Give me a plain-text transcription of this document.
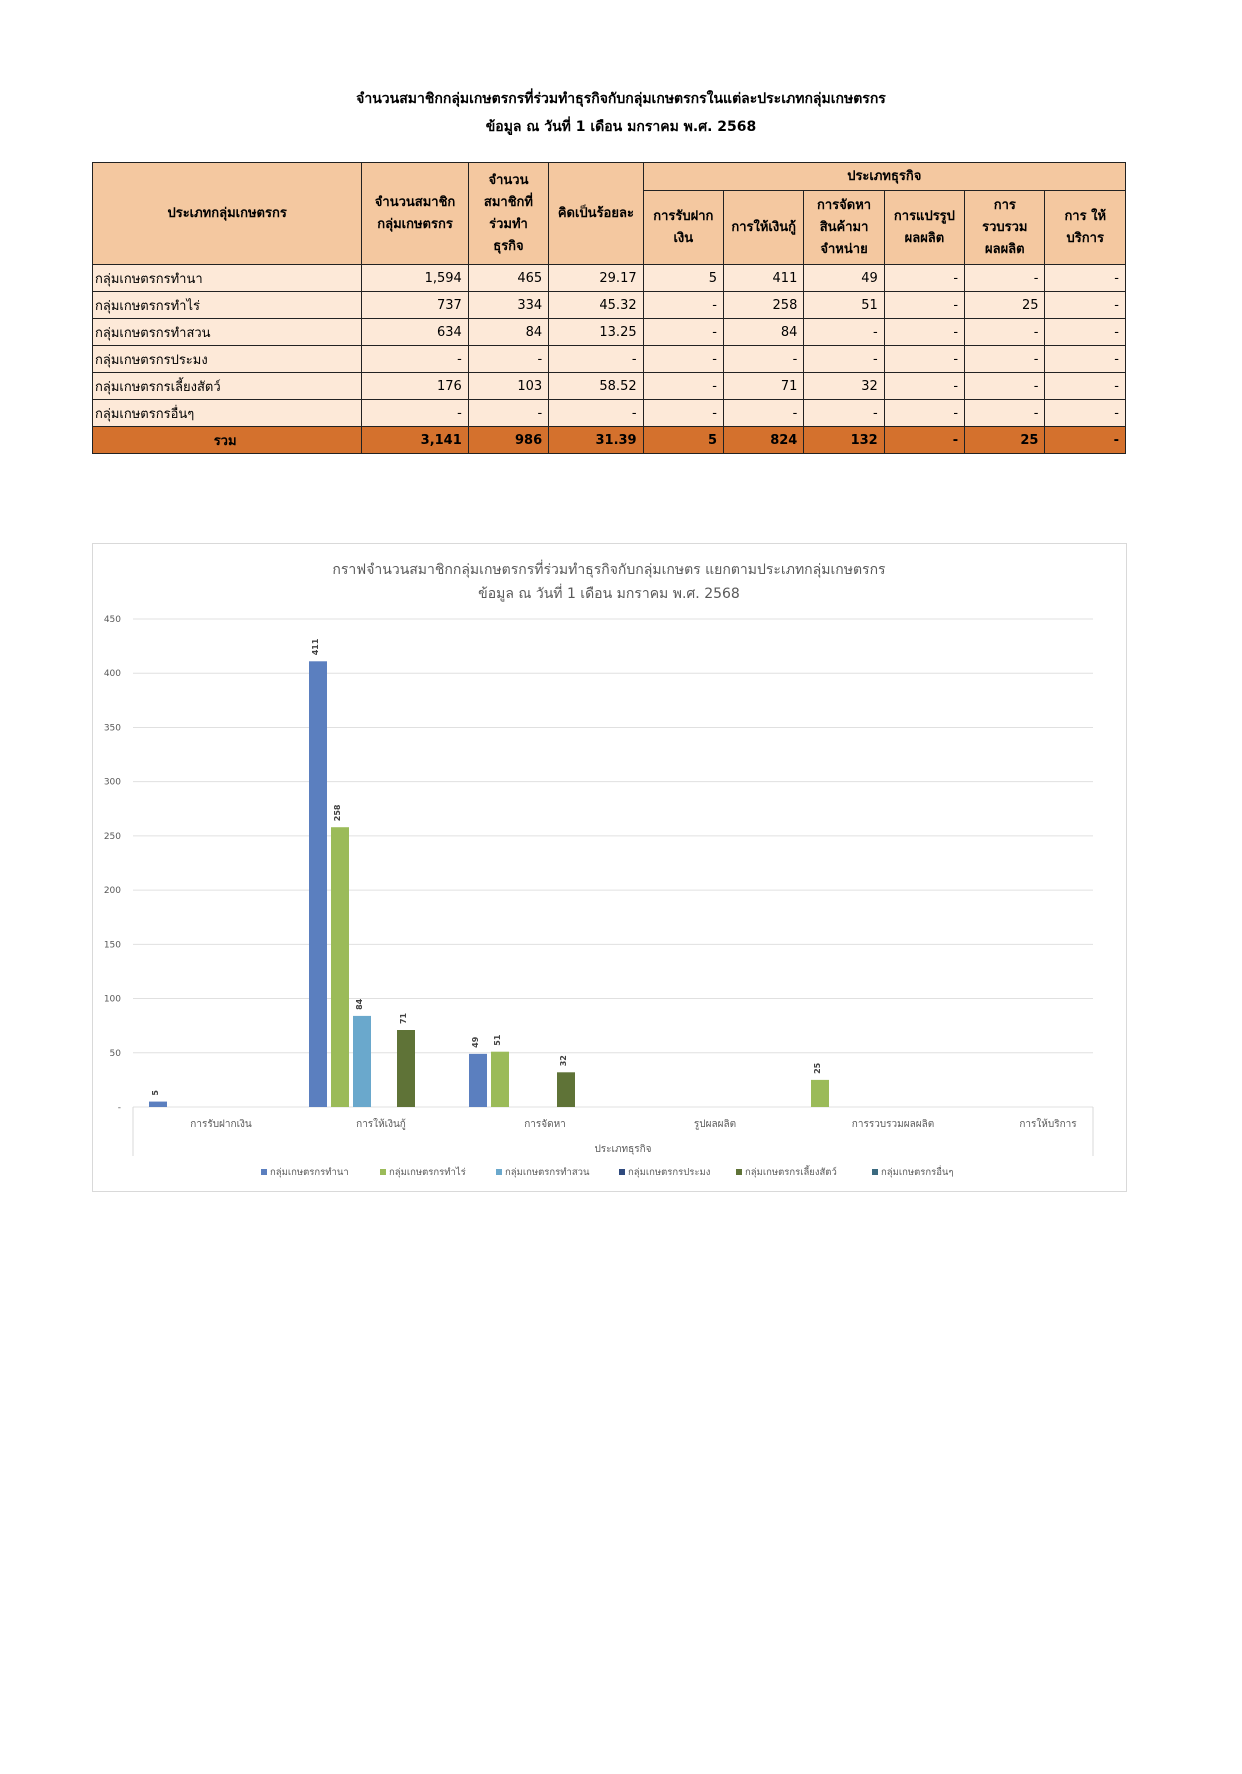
จำนวนสมาชิกกลุ่มเกษตรกรที่ร่วมทำธุรกิจกับกลุ่มเกษตรกรในแต่ละประเภทกลุ่มเกษตรกร
ข้อมูล ณ วันที่ 1 เดือน มกราคม พ.ศ. 2568
ประเภทกลุ่มเกษตรกร	จำนวนสมาชิก กลุ่มเกษตรกร	จำนวน สมาชิกที่ ร่วมทำธุรกิจ	คิดเป็นร้อยละ	ประเภทธุรกิจ					
				การรับฝาก เงิน	การให้เงินกู้	การจัดหา สินค้ามา จำหน่าย	การแปรรูป ผลผลิต	การ รวบรวม ผลผลิต	การ ให้บริการ
กลุ่มเกษตรกรทำนา	1,594	465	29.17	5	411	49	-	-	-
กลุ่มเกษตรกรทำไร่	737	334	45.32	-	258	51	-	25	-
กลุ่มเกษตรกรทำสวน	634	84	13.25	-	84	-	-	-	-
กลุ่มเกษตรกรประมง	-	-	-	-	-	-	-	-	-
กลุ่มเกษตรกรเลี้ยงสัตว์	176	103	58.52	-	71	32	-	-	-
กลุ่มเกษตรกรอื่นๆ	-	-	-	-	-	-	-	-	-
รวม	3,141	986	31.39	5	824	132	-	25	-
กราฟจำนวนสมาชิกกลุ่มเกษตรกรที่ร่วมทำธุรกิจกับกลุ่มเกษตร แยกตามประเภทกลุ่มเกษตรกร
ข้อมูล ณ วันที่ 1 เดือน มกราคม พ.ศ. 2568
-
50
100
150
200
250
300
350
400
450
5
411
258
84
71
49 51
32
25
การรับฝากเงิน	การให้เงินกู้	การจัดหา	รูปผลผลิต	การรวบรวมผลผลิต	การให้บริการ
ประเภทธุรกิจ
กลุ่มเกษตรกรทำนา	กลุ่มเกษตรกรทำไร่	กลุ่มเกษตรกรทำสวน	กลุ่มเกษตรกรประมง	กลุ่มเกษตรกรเลี้ยงสัตว์	กลุ่มเกษตรกรอื่นๆ
